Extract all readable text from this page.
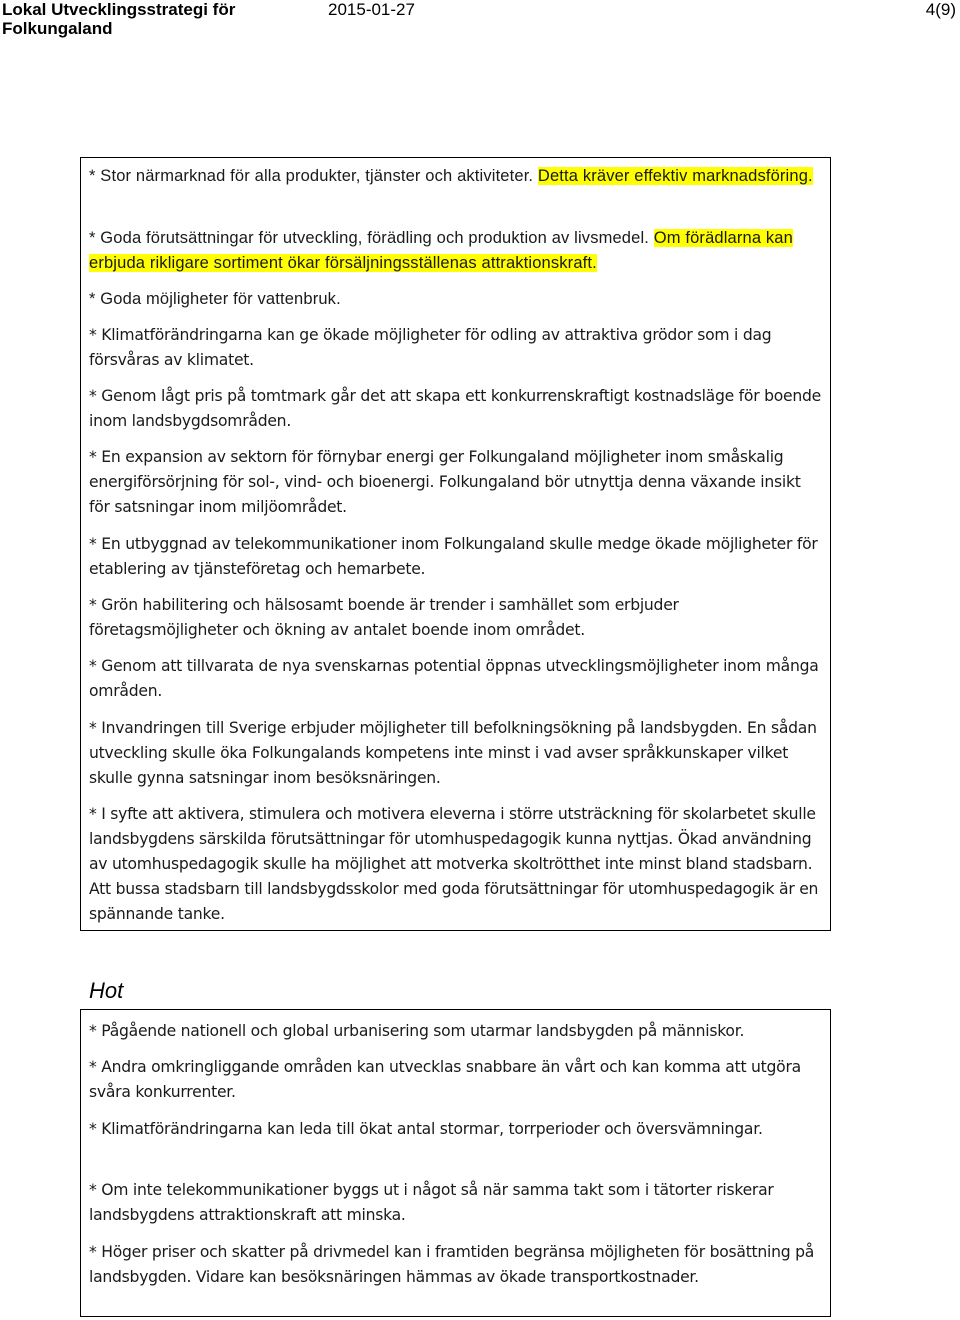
Lokal Utvecklingsstrategi för Folkungaland
2015-01-27	4(9)

* Stor närmarknad för alla produkter, tjänster och aktiviteter. Detta kräver effektiv marknadsföring.

* Goda förutsättningar för utveckling, förädling och produktion av livsmedel. Om förädlarna kan erbjuda rikligare sortiment ökar försäljningsställenas attraktionskraft.

* Goda möjligheter för vattenbruk.

* Klimatförändringarna kan ge ökade möjligheter för odling av attraktiva grödor som i dag försvåras av klimatet.

* Genom lågt pris på tomtmark går det att skapa ett konkurrenskraftigt kostnadsläge för boende inom landsbygdsområden.

* En expansion av sektorn för förnybar energi ger Folkungaland möjligheter inom småskalig energiförsörjning för sol-, vind- och bioenergi. Folkungaland bör utnyttja denna växande insikt för satsningar inom miljöområdet.

* En utbyggnad av telekommunikationer inom Folkungaland skulle medge ökade möjligheter för etablering av tjänsteföretag och hemarbete.

* Grön habilitering och hälsosamt boende är trender i samhället som erbjuder företagsmöjligheter och ökning av antalet boende inom området.

* Genom att tillvarata de nya svenskarnas potential öppnas utvecklingsmöjligheter inom många områden.

* Invandringen till Sverige erbjuder möjligheter till befolkningsökning på landsbygden. En sådan utveckling skulle öka Folkungalands kompetens inte minst i vad avser språkkunskaper vilket skulle gynna satsningar inom besöksnäringen.

* I syfte att aktivera, stimulera och motivera eleverna i större utsträckning för skolarbetet skulle landsbygdens särskilda förutsättningar för utomhuspedagogik kunna nyttjas. Ökad användning av utomhuspedagogik skulle ha möjlighet att motverka skoltrötthet inte minst bland stadsbarn. Att bussa stadsbarn till landsbygdsskolor med goda förutsättningar för utomhuspedagogik är en spännande tanke.

Hot

* Pågående nationell och global urbanisering som utarmar landsbygden på människor.

* Andra omkringliggande områden kan utvecklas snabbare än vårt och kan komma att utgöra svåra konkurrenter.

* Klimatförändringarna kan leda till ökat antal stormar, torrperioder och översvämningar.

* Om inte telekommunikationer byggs ut i något så när samma takt som i tätorter riskerar landsbygdens attraktionskraft att minska.

* Höger priser och skatter på drivmedel kan i framtiden begränsa möjligheten för bosättning på landsbygden. Vidare kan besöksnäringen hämmas av ökade transportkostnader.
